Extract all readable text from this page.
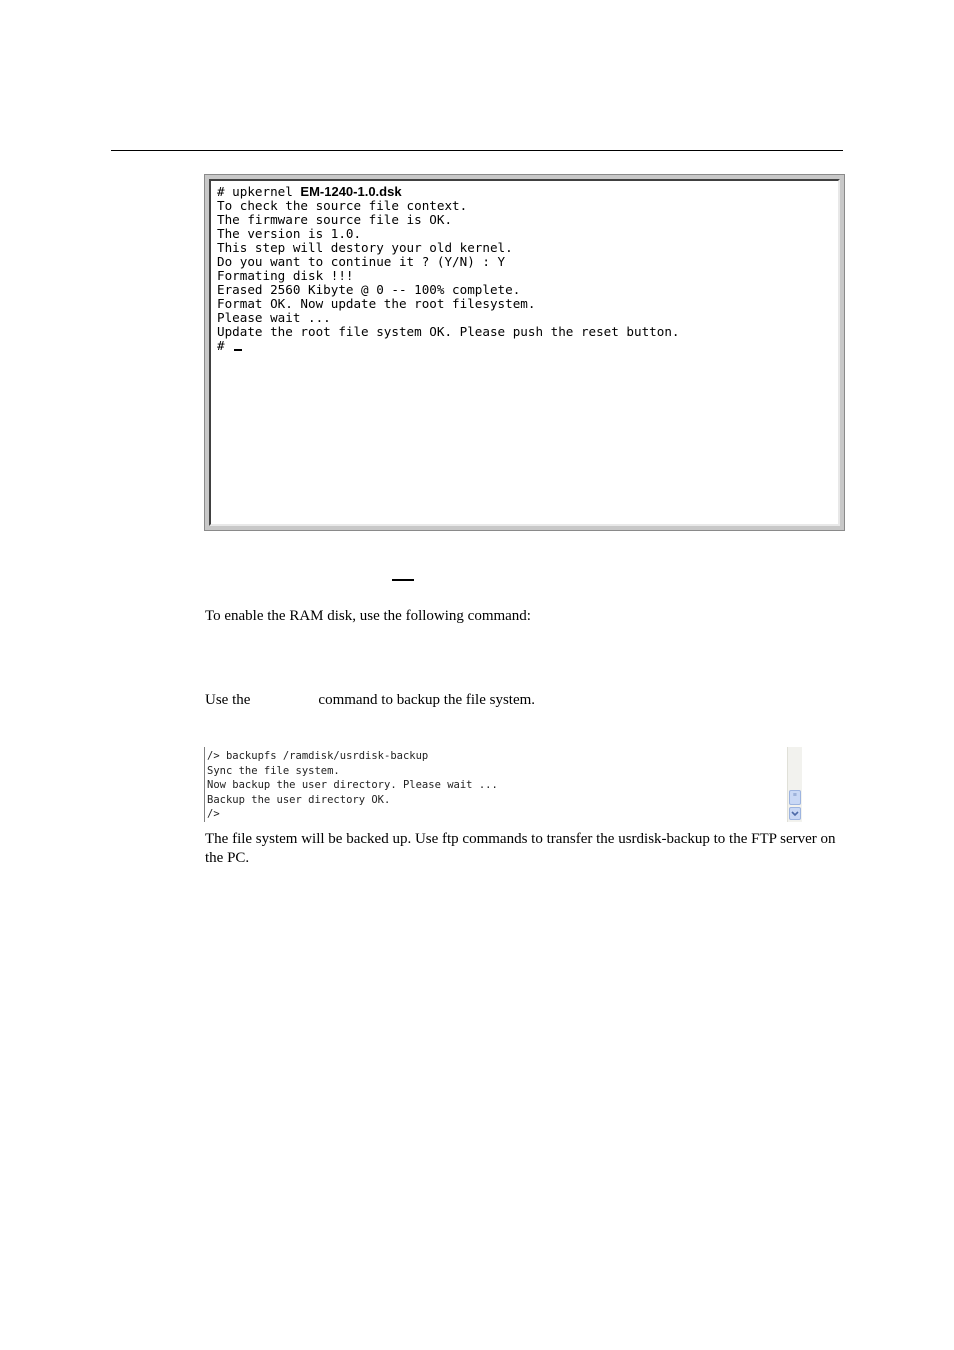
# upkernel EM-1240-1.0.dsk
To check the source file context.
The firmware source file is OK.
The version is 1.0.
This step will destory your old kernel.
Do you want to continue it ? (Y/N) : Y
Formating disk !!!
Erased 2560 Kibyte @ 0 -- 100% complete.
Format OK. Now update the root filesystem.
Please wait ...
Update the root file system OK. Please push the reset button.
#
To enable the RAM disk, use the following command:
Use the	command to backup the file system.
/> backupfs /ramdisk/usrdisk-backup
Sync the file system.
Now backup the user directory. Please wait ...
Backup the user directory OK.
/>
≡
The file system will be backed up. Use ftp commands to transfer the usrdisk-backup to the FTP server on the PC.
